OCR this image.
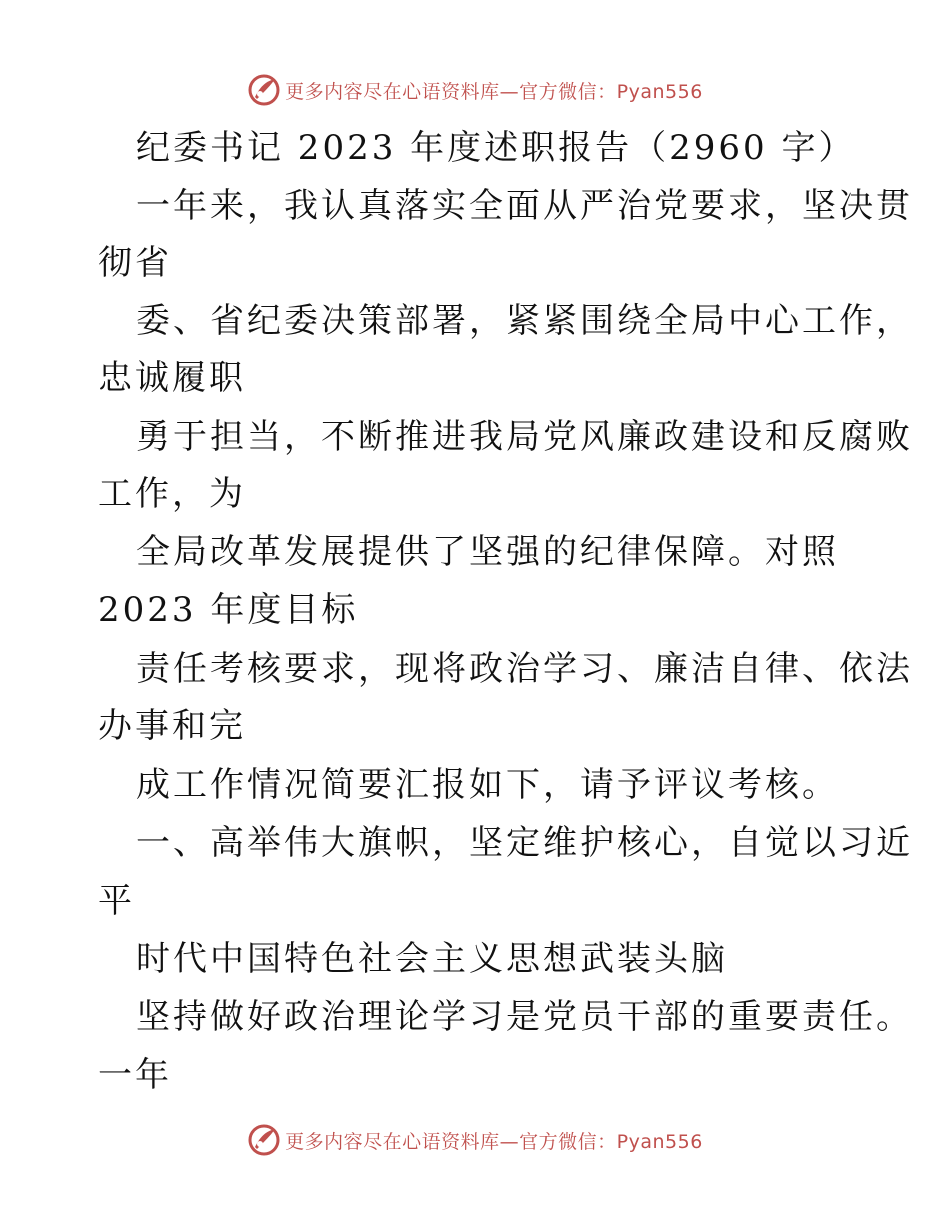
更多内容尽在心语资料库—官方微信：Pyan556
纪委书记 2023 年度述职报告（2960 字）
一年来，我认真落实全面从严治党要求，坚决贯
彻省
委、省纪委决策部署，紧紧围绕全局中心工作，
忠诚履职
勇于担当，不断推进我局党风廉政建设和反腐败
工作，为
全局改革发展提供了坚强的纪律保障。对照
2023 年度目标
责任考核要求，现将政治学习、廉洁自律、依法
办事和完
成工作情况简要汇报如下，请予评议考核。
一、高举伟大旗帜，坚定维护核心，自觉以习近
平
时代中国特色社会主义思想武装头脑
坚持做好政治理论学习是党员干部的重要责任。
一年
更多内容尽在心语资料库—官方微信：Pyan556
